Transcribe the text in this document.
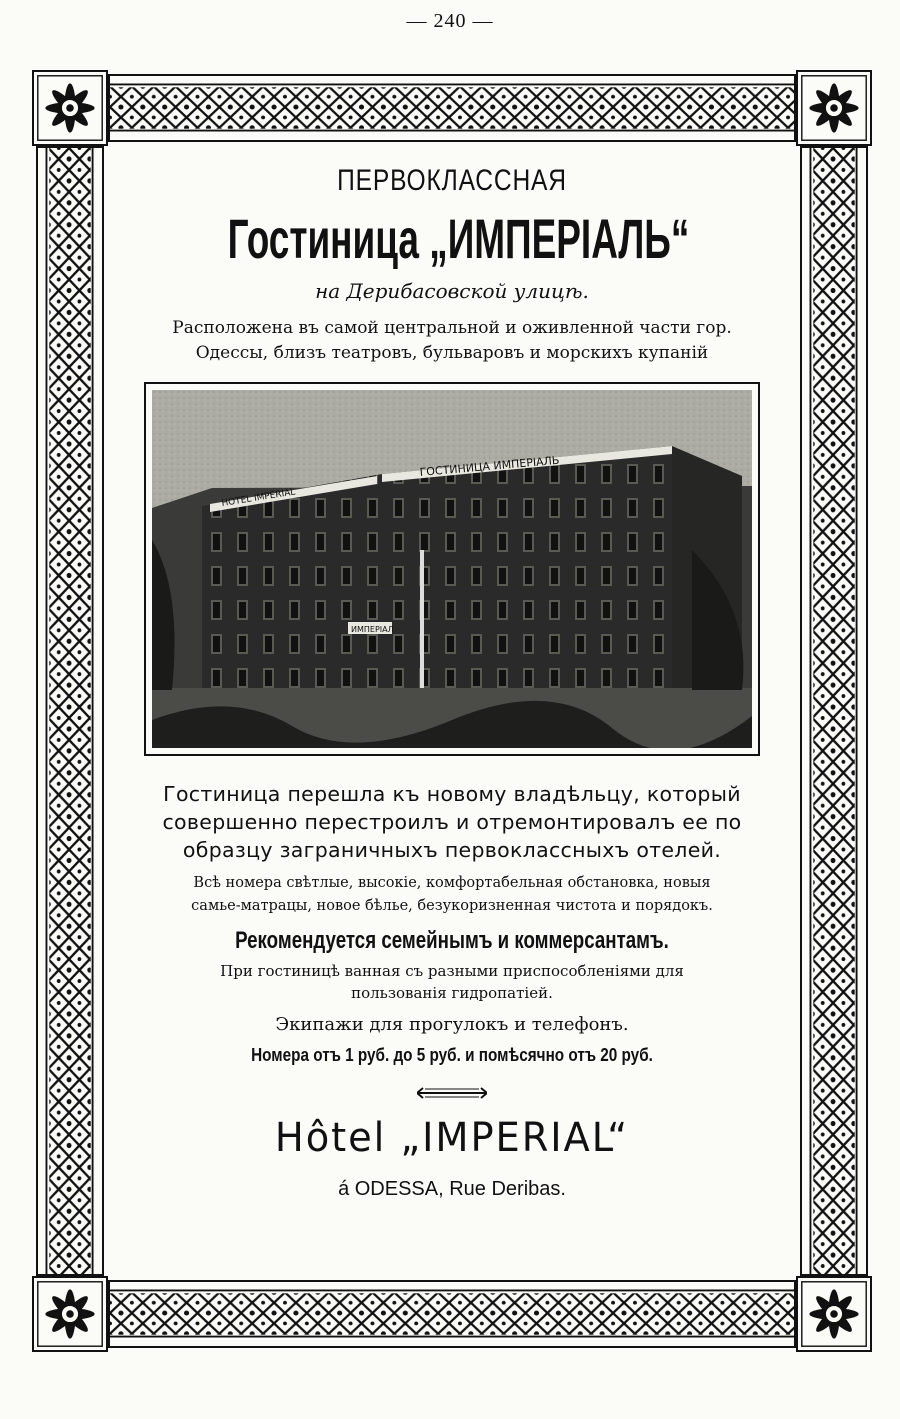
— 240 —
ПЕРВОКЛАССНАЯ
Гостиница „ИМПЕРIАЛЬ“
на Дерибасовской улицѣ.
Расположена въ самой центральной и оживленной части гор.
Одессы, близъ театровъ, бульваровъ и морскихъ купанiй
ГОСТИНИЦА ИМПЕРIАЛЬ
HOTEL IMPERIAL
ИМПЕРIАЛ
Гостиница перешла къ новому владѣльцу, который
совершенно перестроилъ и отремонтировалъ ее по
образцу заграничныхъ первоклассныхъ отелей.
Всѣ номера свѣтлые, высокiе, комфортабельная обстановка, новыя
самье-матрацы, новое бѣлье, безукоризненная чистота и порядокъ.
Рекомендуется семейнымъ и коммерсантамъ.
При гостиницѣ ванная съ разными приспособленiями для
пользованiя гидропатiей.
Экипажи для прогулокъ и телефонъ.
Номера отъ 1 руб. до 5 руб. и помѣсячно отъ 20 руб.
Hôtel „IMPERIAL“
á ODESSA, Rue Deribas.
